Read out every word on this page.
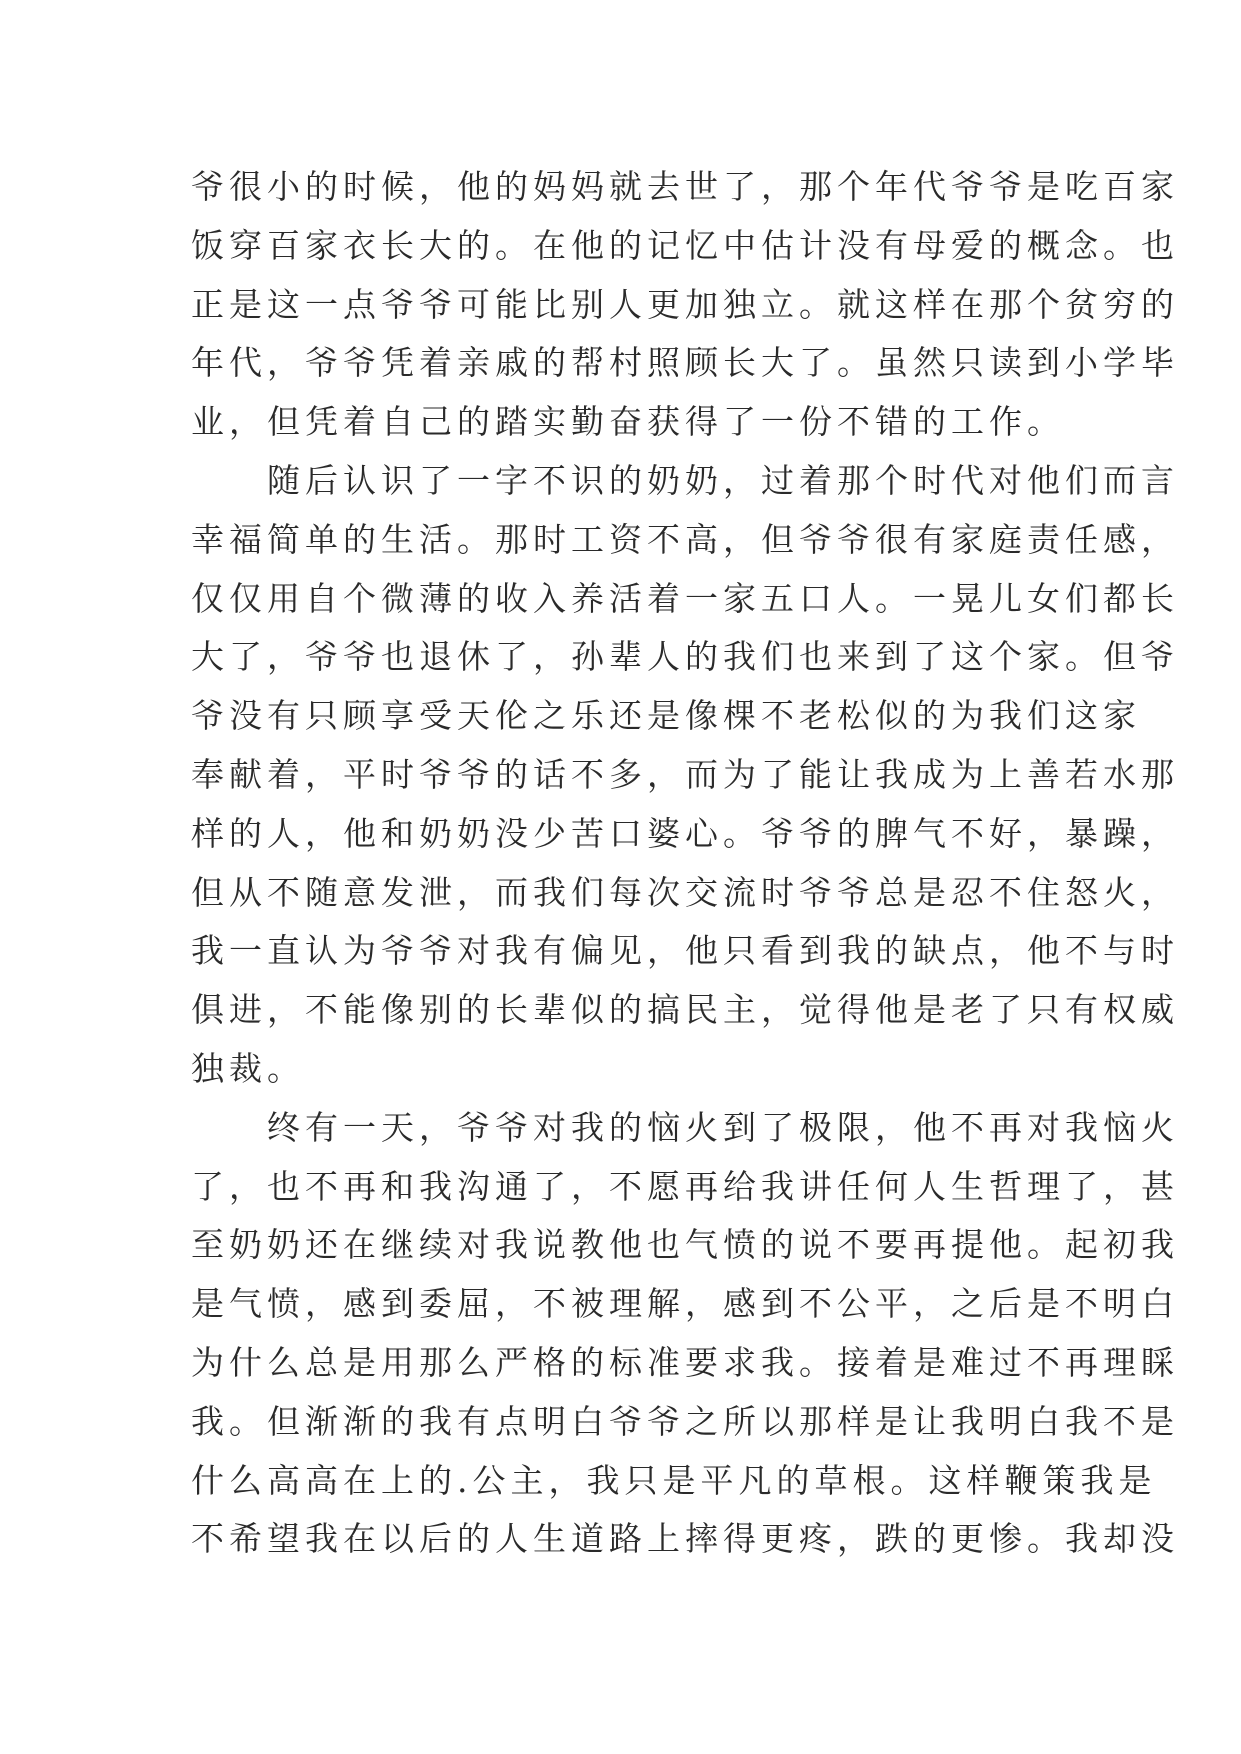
爷很小的时候，他的妈妈就去世了，那个年代爷爷是吃百家
饭穿百家衣长大的。在他的记忆中估计没有母爱的概念。也
正是这一点爷爷可能比别人更加独立。就这样在那个贫穷的
年代，爷爷凭着亲戚的帮村照顾长大了。虽然只读到小学毕
业，但凭着自己的踏实勤奋获得了一份不错的工作。
　　随后认识了一字不识的奶奶，过着那个时代对他们而言
幸福简单的生活。那时工资不高，但爷爷很有家庭责任感，
仅仅用自个微薄的收入养活着一家五口人。一晃儿女们都长
大了，爷爷也退休了，孙辈人的我们也来到了这个家。但爷
爷没有只顾享受天伦之乐还是像棵不老松似的为我们这家
奉献着，平时爷爷的话不多，而为了能让我成为上善若水那
样的人，他和奶奶没少苦口婆心。爷爷的脾气不好，暴躁，
但从不随意发泄，而我们每次交流时爷爷总是忍不住怒火，
我一直认为爷爷对我有偏见，他只看到我的缺点，他不与时
俱进，不能像别的长辈似的搞民主，觉得他是老了只有权威
独裁。
　　终有一天，爷爷对我的恼火到了极限，他不再对我恼火
了，也不再和我沟通了，不愿再给我讲任何人生哲理了，甚
至奶奶还在继续对我说教他也气愤的说不要再提他。起初我
是气愤，感到委屈，不被理解，感到不公平，之后是不明白
为什么总是用那么严格的标准要求我。接着是难过不再理睬
我。但渐渐的我有点明白爷爷之所以那样是让我明白我不是
什么高高在上的.公主，我只是平凡的草根。这样鞭策我是
不希望我在以后的人生道路上摔得更疼，跌的更惨。我却没
